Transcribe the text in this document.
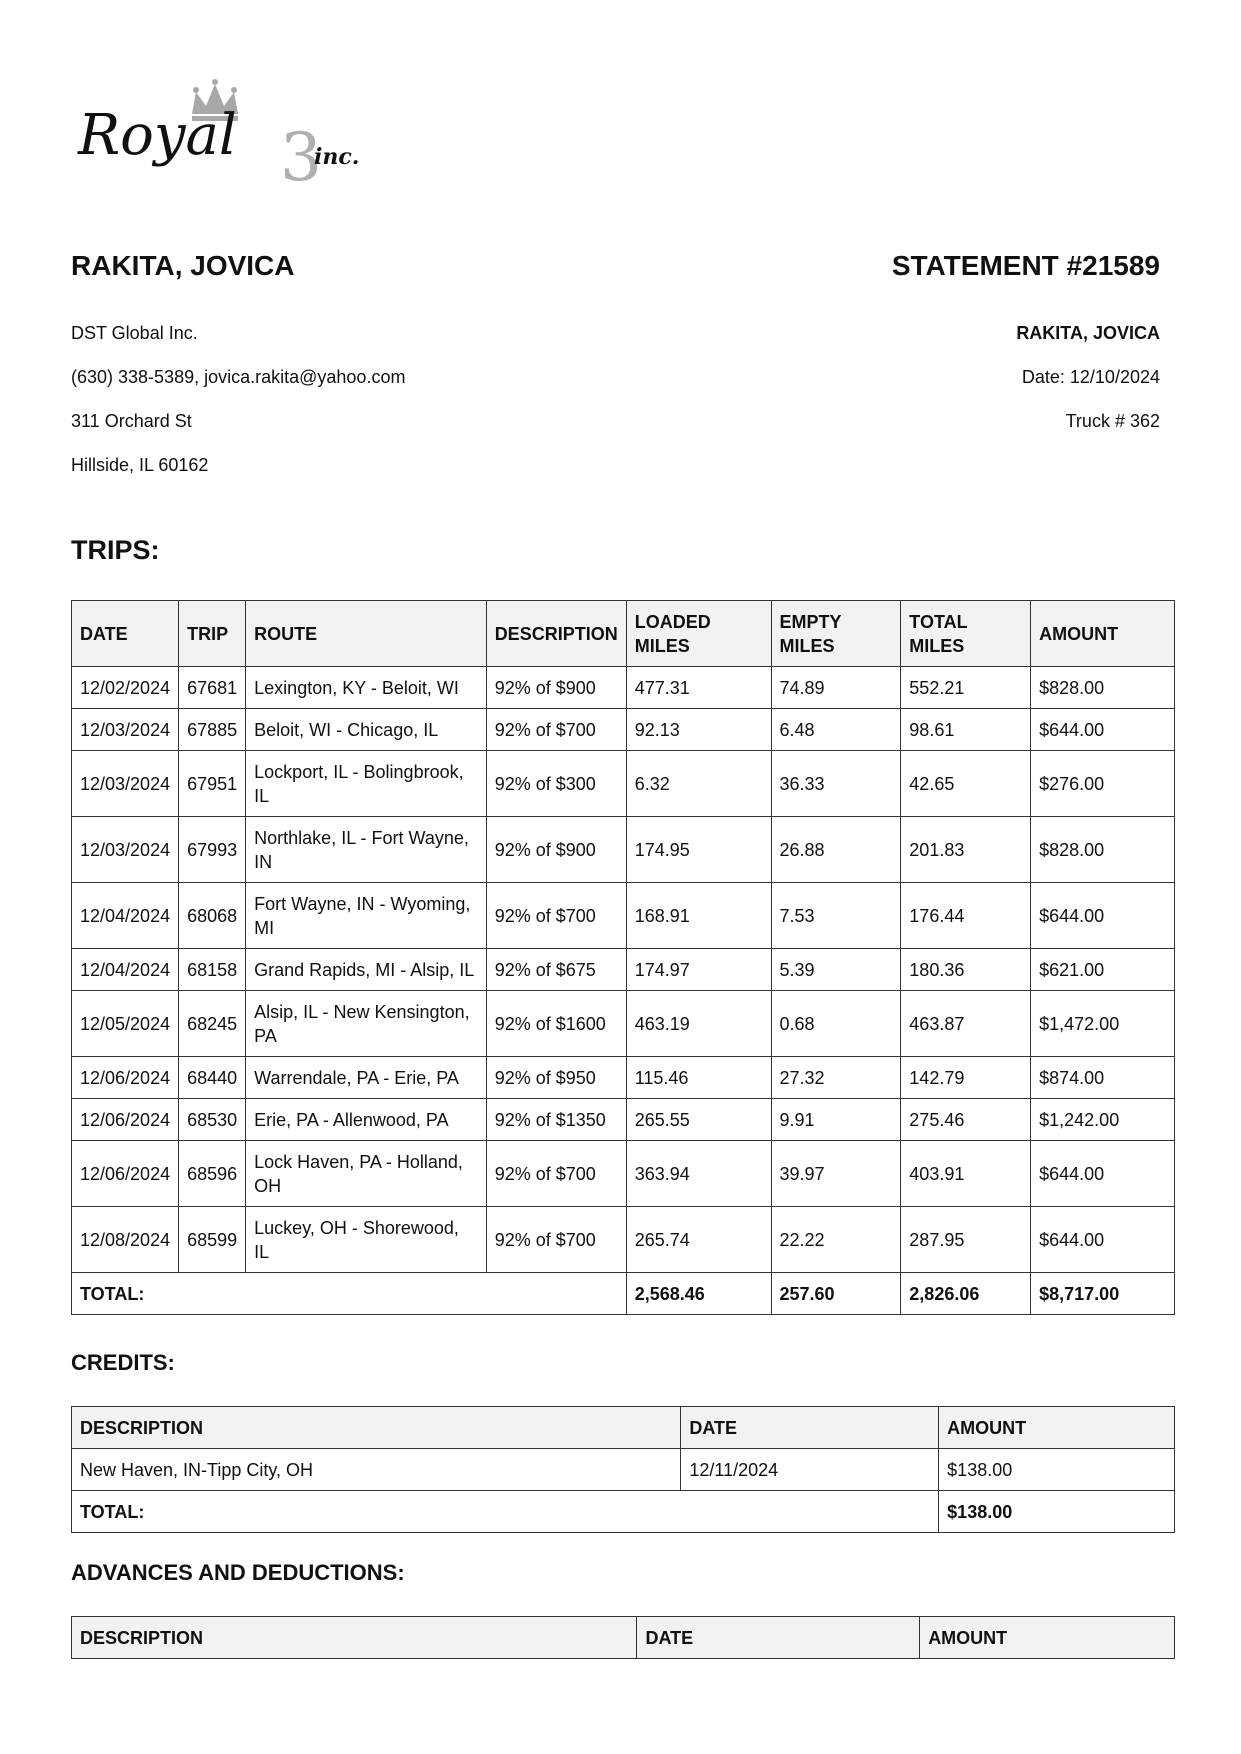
3
Royal	inc.
RAKITA, JOVICA	STATEMENT #21589
DST Global Inc.
(630) 338-5389, jovica.rakita@yahoo.com
311 Orchard St
Hillside, IL 60162
RAKITA, JOVICA
Date: 12/10/2024
Truck # 362
TRIPS:
DATE	TRIP	ROUTE	DESCRIPTION	LOADED MILES	EMPTY MILES	TOTAL MILES	AMOUNT
12/02/2024	67681	Lexington, KY - Beloit, WI	92% of $900	477.31	74.89	552.21	$828.00
12/03/2024	67885	Beloit, WI - Chicago, IL	92% of $700	92.13	6.48	98.61	$644.00
12/03/2024	67951	Lockport, IL - Bolingbrook, IL	92% of $300	6.32	36.33	42.65	$276.00
12/03/2024	67993	Northlake, IL - Fort Wayne, IN	92% of $900	174.95	26.88	201.83	$828.00
12/04/2024	68068	Fort Wayne, IN - Wyoming, MI	92% of $700	168.91	7.53	176.44	$644.00
12/04/2024	68158	Grand Rapids, MI - Alsip, IL	92% of $675	174.97	5.39	180.36	$621.00
12/05/2024	68245	Alsip, IL - New Kensington, PA	92% of $1600	463.19	0.68	463.87	$1,472.00
12/06/2024	68440	Warrendale, PA - Erie, PA	92% of $950	115.46	27.32	142.79	$874.00
12/06/2024	68530	Erie, PA - Allenwood, PA	92% of $1350	265.55	9.91	275.46	$1,242.00
12/06/2024	68596	Lock Haven, PA - Holland, OH	92% of $700	363.94	39.97	403.91	$644.00
12/08/2024	68599	Luckey, OH - Shorewood, IL	92% of $700	265.74	22.22	287.95	$644.00
TOTAL:				2,568.46	257.60	2,826.06	$8,717.00
CREDITS:
DESCRIPTION	DATE	AMOUNT
New Haven, IN-Tipp City, OH	12/11/2024	$138.00
TOTAL:		$138.00
ADVANCES AND DEDUCTIONS:
DESCRIPTION	DATE	AMOUNT
